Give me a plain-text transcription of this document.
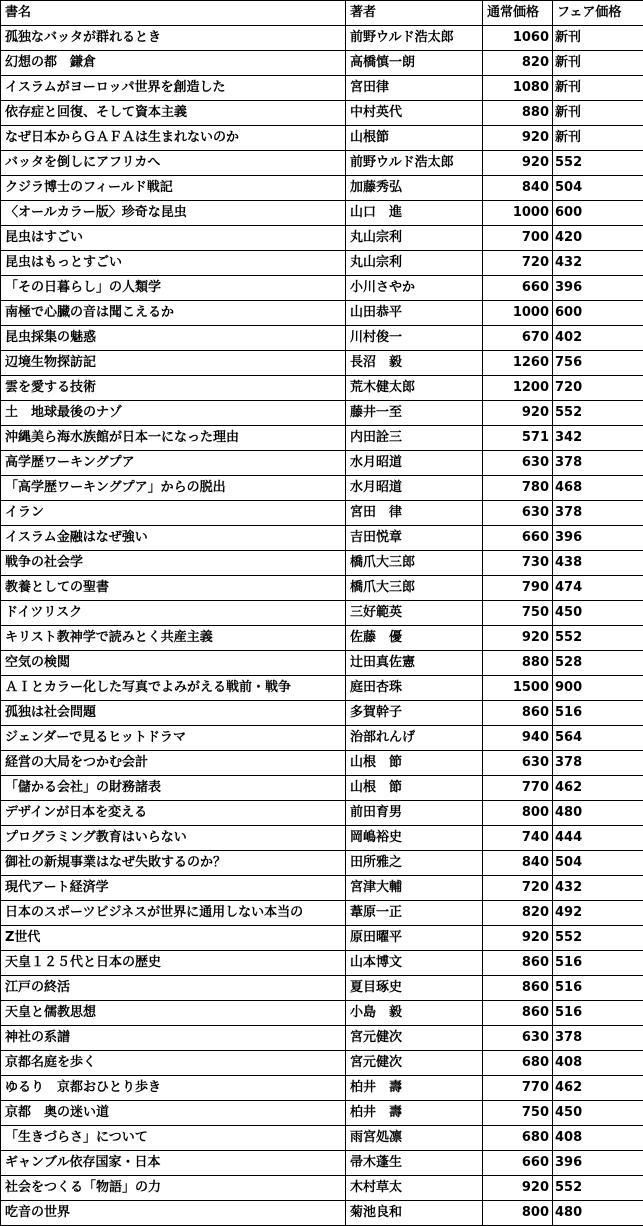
書名	著者	通常価格	フェア価格
孤独なバッタが群れるとき	前野ウルド浩太郎	1060	新刊
幻想の都　鎌倉	高橋慎一朗	820	新刊
イスラムがヨーロッパ世界を創造した	宮田律	1080	新刊
依存症と回復、そして資本主義	中村英代	880	新刊
なぜ日本からＧＡＦＡは生まれないのか	山根節	920	新刊
バッタを倒しにアフリカへ	前野ウルド浩太郎	920	552
クジラ博士のフィールド戦記	加藤秀弘	840	504
〈オールカラー版〉珍奇な昆虫	山口　進	1000	600
昆虫はすごい	丸山宗利	700	420
昆虫はもっとすごい	丸山宗利	720	432
「その日暮らし」の人類学	小川さやか	660	396
南極で心臓の音は聞こえるか	山田恭平	1000	600
昆虫採集の魅惑	川村俊一	670	402
辺境生物探訪記	長沼　毅	1260	756
雲を愛する技術	荒木健太郎	1200	720
土　地球最後のナゾ	藤井一至	920	552
沖縄美ら海水族館が日本一になった理由	内田詮三	571	342
高学歴ワーキングプア	水月昭道	630	378
「高学歴ワーキングプア」からの脱出	水月昭道	780	468
イラン	宮田　律	630	378
イスラム金融はなぜ強い	吉田悦章	660	396
戦争の社会学	橋爪大三郎	730	438
教養としての聖書	橋爪大三郎	790	474
ドイツリスク	三好範英	750	450
キリスト教神学で読みとく共産主義	佐藤　優	920	552
空気の検閲	辻田真佐憲	880	528
ＡＩとカラー化した写真でよみがえる戦前・戦争	庭田杏珠	1500	900
孤独は社会問題	多賀幹子	860	516
ジェンダーで見るヒットドラマ	治部れんげ	940	564
経営の大局をつかむ会計	山根　節	630	378
「儲かる会社」の財務諸表	山根　節	770	462
デザインが日本を変える	前田育男	800	480
プログラミング教育はいらない	岡嶋裕史	740	444
御社の新規事業はなぜ失敗するのか？	田所雅之	840	504
現代アート経済学	宮津大輔	720	432
日本のスポーツビジネスが世界に通用しない本当の	葦原一正	820	492
Z世代	原田曜平	920	552
天皇１２５代と日本の歴史	山本博文	860	516
江戸の終活	夏目琢史	860	516
天皇と儒教思想	小島　毅	860	516
神社の系譜	宮元健次	630	378
京都名庭を歩く	宮元健次	680	408
ゆるり　京都おひとり歩き	柏井　壽	770	462
京都　奥の迷い道	柏井　壽	750	450
「生きづらさ」について	雨宮処凛	680	408
ギャンブル依存国家・日本	帚木蓬生	660	396
社会をつくる「物語」の力	木村草太	920	552
吃音の世界	菊池良和	800	480
